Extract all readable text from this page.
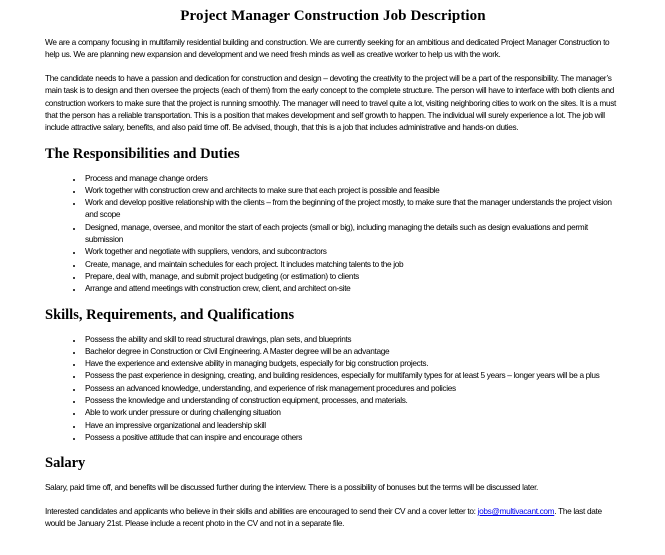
Project Manager Construction Job Description

We are a company focusing in multifamily residential building and construction. We are currently seeking for an ambitious and dedicated Project Manager Construction to help us. We are planning new expansion and development and we need fresh minds as well as creative worker to help us with the work.

The candidate needs to have a passion and dedication for construction and design – devoting the creativity to the project will be a part of the responsibility. The manager’s main task is to design and then oversee the projects (each of them) from the early concept to the complete structure. The person will have to interface with both clients and construction workers to make sure that the project is running smoothly. The manager will need to travel quite a lot, visiting neighboring cities to work on the sites. It is a must that the person has a reliable transportation. This is a position that makes development and self growth to happen. The individual will surely experience a lot. The job will include attractive salary, benefits, and also paid time off. Be advised, though, that this is a job that includes administrative and hands-on duties.

The Responsibilities and Duties
• Process and manage change orders
• Work together with construction crew and architects to make sure that each project is possible and feasible
• Work and develop positive relationship with the clients – from the beginning of the project mostly, to make sure that the manager understands the project vision and scope
• Designed, manage, oversee, and monitor the start of each projects (small or big), including managing the details such as design evaluations and permit submission
• Work together and negotiate with suppliers, vendors, and subcontractors
• Create, manage, and maintain schedules for each project. It includes matching talents to the job
• Prepare, deal with, manage, and submit project budgeting (or estimation) to clients
• Arrange and attend meetings with construction crew, client, and architect on-site
Skills, Requirements, and Qualifications
• Possess the ability and skill to read structural drawings, plan sets, and blueprints
• Bachelor degree in Construction or Civil Engineering. A Master degree will be an advantage
• Have the experience and extensive ability in managing budgets, especially for big construction projects.
• Possess the past experience in designing, creating, and building residences, especially for multifamily types for at least 5 years – longer years will be a plus
• Possess an advanced knowledge, understanding, and experience of risk management procedures and policies
• Possess the knowledge and understanding of construction equipment, processes, and materials.
• Able to work under pressure or during challenging situation
• Have an impressive organizational and leadership skill
• Possess a positive attitude that can inspire and encourage others
Salary

Salary, paid time off, and benefits will be discussed further during the interview. There is a possibility of bonuses but the terms will be discussed later.

Interested candidates and applicants who believe in their skills and abilities are encouraged to send their CV and a cover letter to: jobs@multivacant.com. The last date would be January 21st. Please include a recent photo in the CV and not in a separate file.
